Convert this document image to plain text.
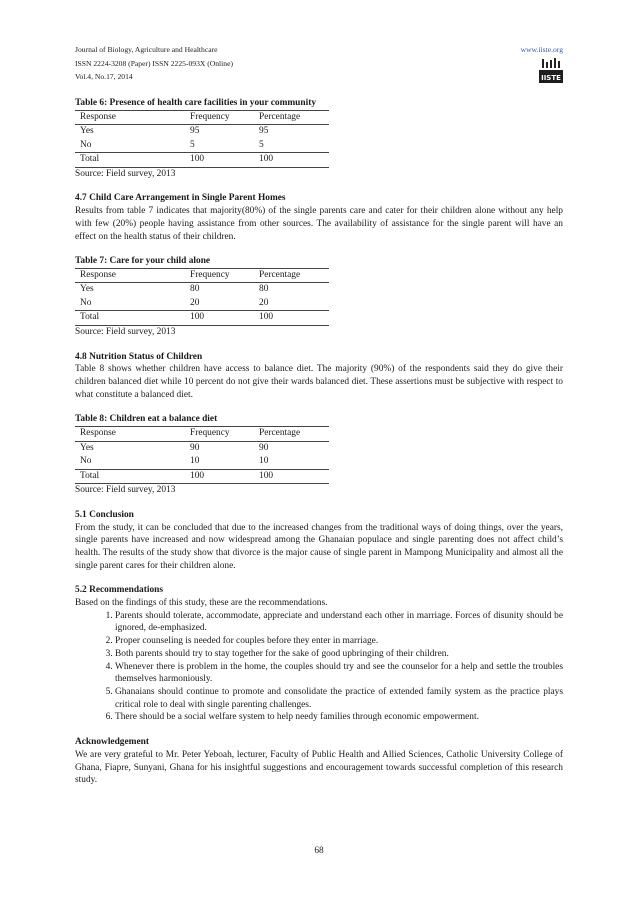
Journal of Biology, Agriculture and Healthcare	www.iiste.org
ISSN 2224-3208 (Paper) ISSN 2225-093X (Online)
Vol.4, No.17, 2014	IISTE

Table 6: Presence of health care facilities in your community

Response	Frequency	Percentage
Yes	95	95
No	5	5
Total	100	100

Source: Field survey, 2013

4.7 Child Care Arrangement in Single Parent Homes

Results from table 7 indicates that majority(80%) of the single parents care and cater for their children alone without any help with few (20%) people having assistance from other sources. The availability of assistance for the single parent will have an effect on the health status of their children.

Table 7: Care for your child alone

Response	Frequency	Percentage
Yes	80	80
No	20	20
Total	100	100

Source: Field survey, 2013

4.8 Nutrition Status of Children

Table 8 shows whether children have access to balance diet. The majority (90%) of the respondents said they do give their children balanced diet while 10 percent do not give their wards balanced diet. These assertions must be subjective with respect to what constitute a balanced diet.

Table 8: Children eat a balance diet

Response	Frequency	Percentage
Yes	90	90
No	10	10
Total	100	100

Source: Field survey, 2013

5.1 Conclusion

From the study, it can be concluded that due to the increased changes from the traditional ways of doing things, over the years, single parents have increased and now widespread among the Ghanaian populace and single parenting does not affect child’s health. The results of the study show that divorce is the major cause of single parent in Mampong Municipality and almost all the single parent cares for their children alone.

5.2 Recommendations

Based on the findings of this study, these are the recommendations.

1. Parents should tolerate, accommodate, appreciate and understand each other in marriage. Forces of disunity should be ignored, de-emphasized.
2. Proper counseling is needed for couples before they enter in marriage.
3. Both parents should try to stay together for the sake of good upbringing of their children.
4. Whenever there is problem in the home, the couples should try and see the counselor for a help and settle the troubles themselves harmoniously.
5. Ghanaians should continue to promote and consolidate the practice of extended family system as the practice plays critical role to deal with single parenting challenges.
6. There should be a social welfare system to help needy families through economic empowerment.

Acknowledgement

We are very grateful to Mr. Peter Yeboah, lecturer, Faculty of Public Health and Allied Sciences, Catholic University College of Ghana, Fiapre, Sunyani, Ghana for his insightful suggestions and encouragement towards successful completion of this research study.

68
